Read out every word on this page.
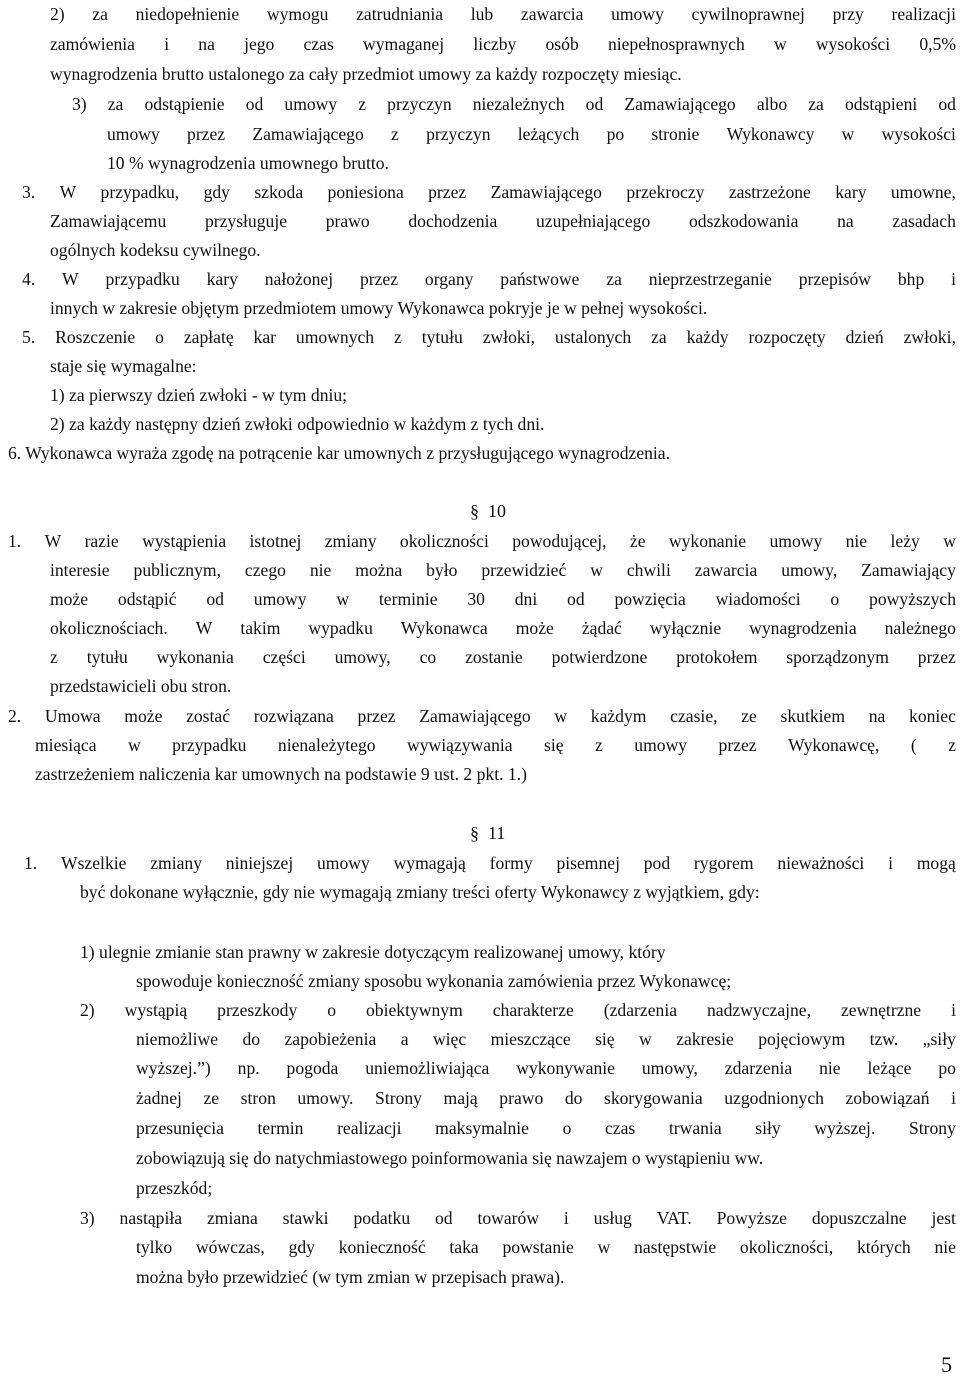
2) za niedopełnienie wymogu zatrudniania lub zawarcia umowy cywilnoprawnej przy realizacji
zamówienia i na jego czas wymaganej liczby osób niepełnosprawnych w wysokości 0,5%
wynagrodzenia brutto ustalonego za cały przedmiot umowy za każdy rozpoczęty miesiąc.
3) za odstąpienie od umowy z przyczyn niezależnych od Zamawiającego albo za odstąpieni od
umowy przez Zamawiającego z przyczyn leżących po stronie Wykonawcy w wysokości
10 % wynagrodzenia umownego brutto.
3. W przypadku, gdy szkoda poniesiona przez Zamawiającego przekroczy zastrzeżone kary umowne,
Zamawiającemu przysługuje prawo dochodzenia uzupełniającego odszkodowania na zasadach
ogólnych kodeksu cywilnego.
4. W przypadku kary nałożonej przez organy państwowe za nieprzestrzeganie przepisów bhp i
innych w zakresie objętym przedmiotem umowy Wykonawca pokryje je w pełnej wysokości.
5. Roszczenie o zapłatę kar umownych z tytułu zwłoki, ustalonych za każdy rozpoczęty dzień zwłoki,
staje się wymagalne:
1) za pierwszy dzień zwłoki - w tym dniu;
2) za każdy następny dzień zwłoki odpowiednio w każdym z tych dni.
6. Wykonawca wyraża zgodę na potrącenie kar umownych z przysługującego wynagrodzenia.
§ 10
1. W razie wystąpienia istotnej zmiany okoliczności powodującej, że wykonanie umowy nie leży w
interesie publicznym, czego nie można było przewidzieć w chwili zawarcia umowy, Zamawiający
może odstąpić od umowy w terminie 30 dni od powzięcia wiadomości o powyższych
okolicznościach. W takim wypadku Wykonawca może żądać wyłącznie wynagrodzenia należnego
z tytułu wykonania części umowy, co zostanie potwierdzone protokołem sporządzonym przez
przedstawicieli obu stron.
2. Umowa może zostać rozwiązana przez Zamawiającego w każdym czasie, ze skutkiem na koniec
miesiąca w przypadku nienależytego wywiązywania się z umowy przez Wykonawcę, ( z
zastrzeżeniem naliczenia kar umownych na podstawie 9 ust. 2 pkt. 1.)
§ 11
1. Wszelkie zmiany niniejszej umowy wymagają formy pisemnej pod rygorem nieważności i mogą
być dokonane wyłącznie, gdy nie wymagają zmiany treści oferty Wykonawcy z wyjątkiem, gdy:
1) ulegnie zmianie stan prawny w zakresie dotyczącym realizowanej umowy, który
spowoduje konieczność zmiany sposobu wykonania zamówienia przez Wykonawcę;
2) wystąpią przeszkody o obiektywnym charakterze (zdarzenia nadzwyczajne, zewnętrzne i
niemożliwe do zapobieżenia a więc mieszczące się w zakresie pojęciowym tzw. „siły
wyższej.”) np. pogoda uniemożliwiająca wykonywanie umowy, zdarzenia nie leżące po
żadnej ze stron umowy. Strony mają prawo do skorygowania uzgodnionych zobowiązań i
przesunięcia termin realizacji maksymalnie o czas trwania siły wyższej. Strony
zobowiązują się do natychmiastowego poinformowania się nawzajem o wystąpieniu ww.
przeszkód;
3) nastąpiła zmiana stawki podatku od towarów i usług VAT. Powyższe dopuszczalne jest
tylko wówczas, gdy konieczność taka powstanie w następstwie okoliczności, których nie
można było przewidzieć (w tym zmian w przepisach prawa).
5
